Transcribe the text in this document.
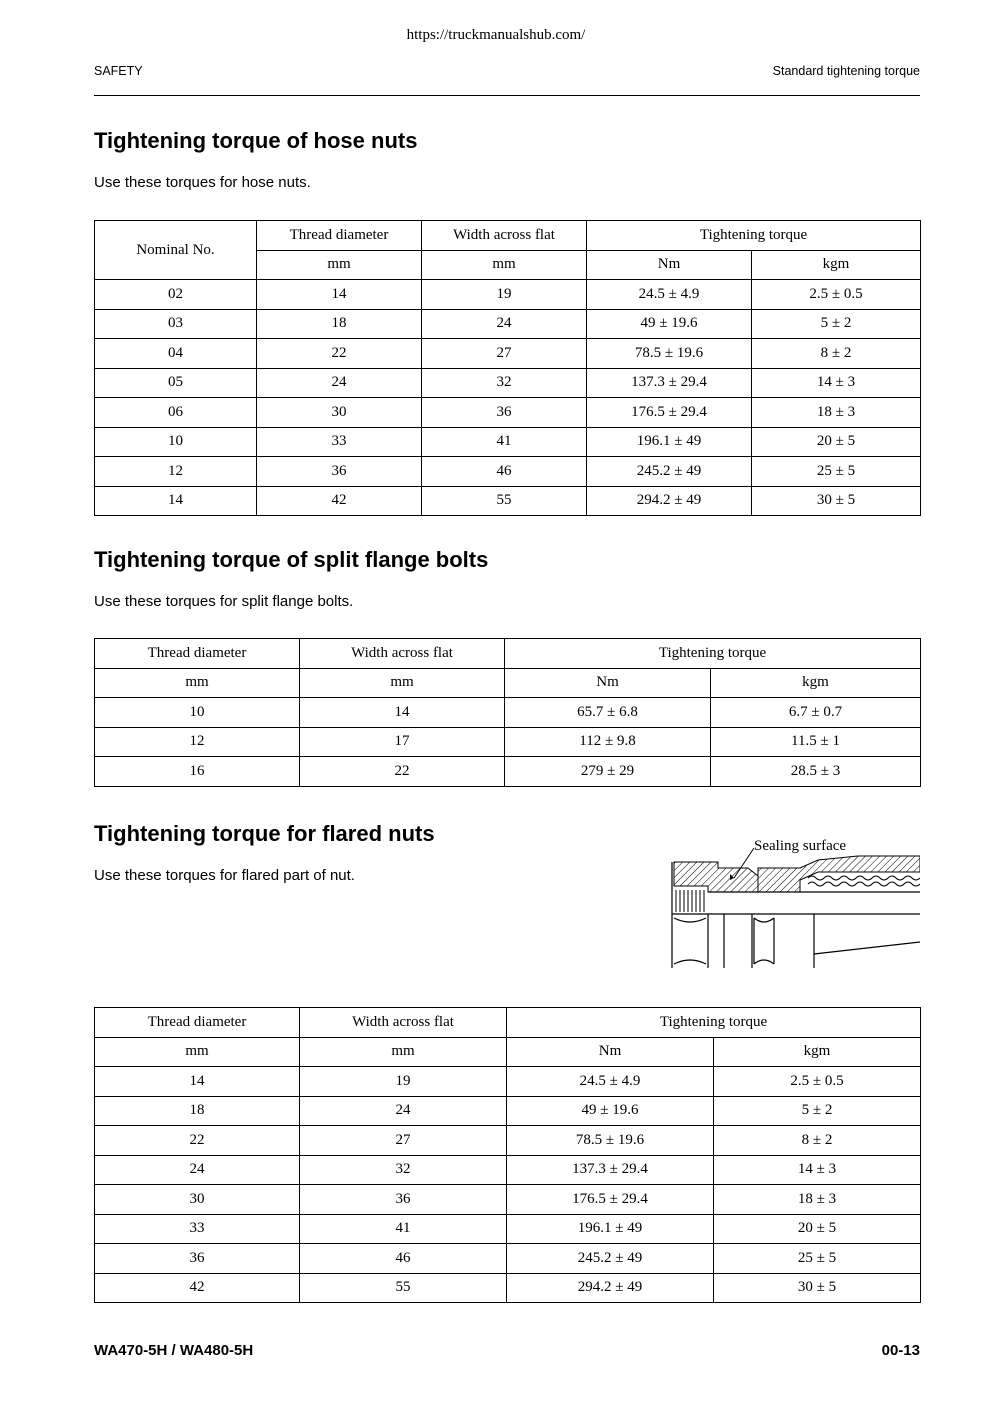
https://truckmanualshub.com/
SAFETY	Standard tightening torque
Tightening torque of hose nuts

Use these torques for hose nuts.

Nominal No.	Thread diameter	Width across flat	Tightening torque	
	mm	mm	Nm	kgm
02	14	19	24.5 ± 4.9	2.5 ± 0.5
03	18	24	49 ± 19.6	5 ± 2
04	22	27	78.5 ± 19.6	8 ± 2
05	24	32	137.3 ± 29.4	14 ± 3
06	30	36	176.5 ± 29.4	18 ± 3
10	33	41	196.1 ± 49	20 ± 5
12	36	46	245.2 ± 49	25 ± 5
14	42	55	294.2 ± 49	30 ± 5
Tightening torque of split flange bolts

Use these torques for split flange bolts.

Thread diameter	Width across flat	Tightening torque	
mm	mm	Nm	kgm
10	14	65.7 ± 6.8	6.7 ± 0.7
12	17	112 ± 9.8	11.5 ± 1
16	22	279 ± 29	28.5 ± 3
Tightening torque for flared nuts

Use these torques for flared part of nut.

Sealing surface
Thread diameter	Width across flat	Tightening torque	
mm	mm	Nm	kgm
14	19	24.5 ± 4.9	2.5 ± 0.5
18	24	49 ± 19.6	5 ± 2
22	27	78.5 ± 19.6	8 ± 2
24	32	137.3 ± 29.4	14 ± 3
30	36	176.5 ± 29.4	18 ± 3
33	41	196.1 ± 49	20 ± 5
36	46	245.2 ± 49	25 ± 5
42	55	294.2 ± 49	30 ± 5
WA470-5H / WA480-5H	00-13
